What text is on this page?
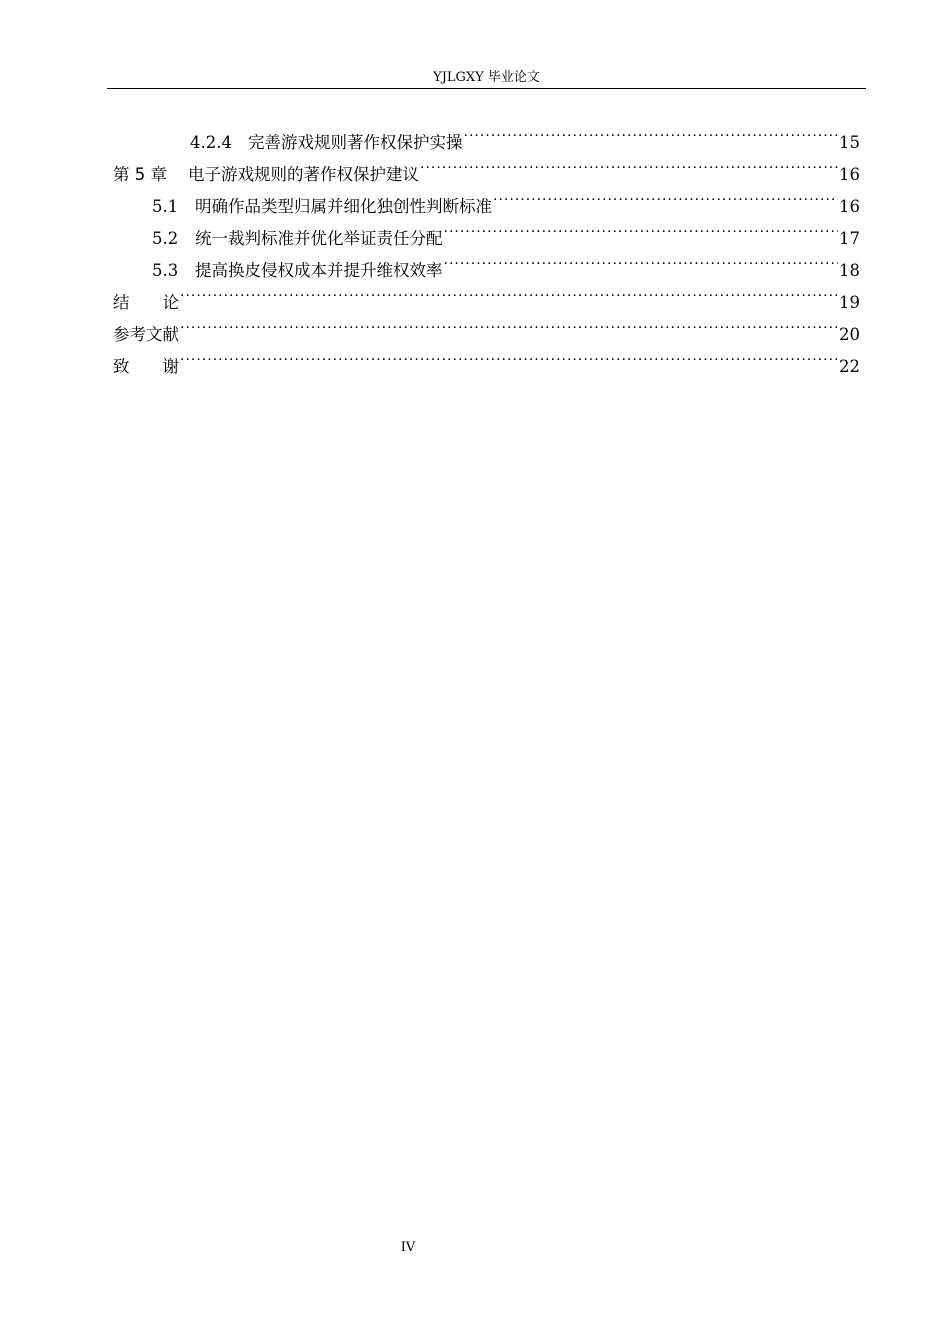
YJLGXY 毕业论文
4.2.4 完善游戏规则著作权保护实操 .....	15
第 5 章	电子游戏规则的著作权保护建议 .....	16
5.1	明确作品类型归属并细化独创性判断标准 .....	16
5.2	统一裁判标准并优化举证责任分配 .....	17
5.3	提高换皮侵权成本并提升维权效率 .....	18
结　　论 .....	19
参考文献 .....	20
致　　谢 .....	22
IV
